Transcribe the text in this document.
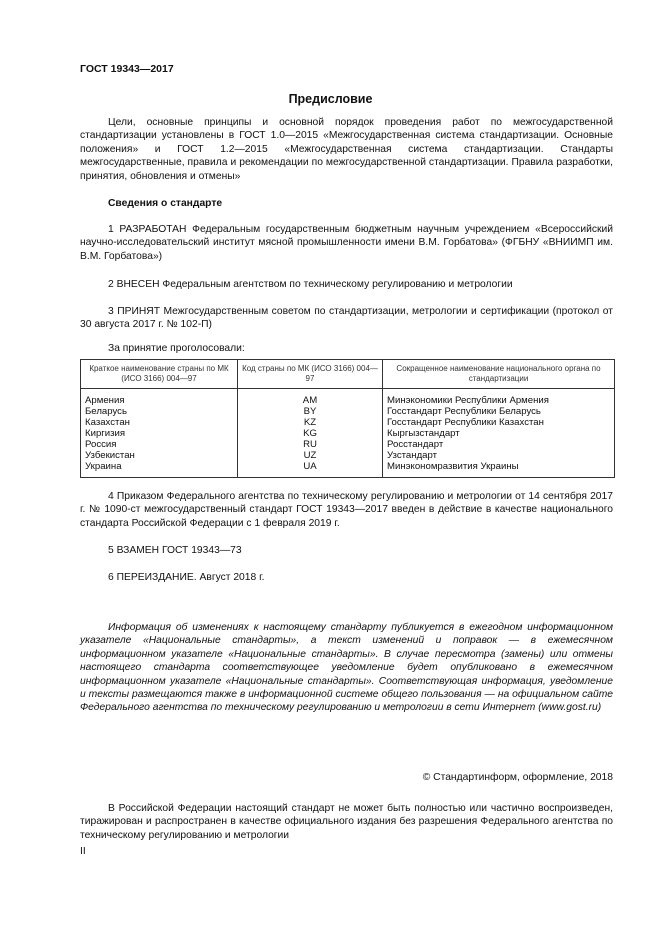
ГОСТ 19343—2017
Предисловие
Цели, основные принципы и основной порядок проведения работ по межгосударственной стандартизации установлены в ГОСТ 1.0—2015 «Межгосударственная система стандартизации. Основные положения» и ГОСТ 1.2—2015 «Межгосударственная система стандартизации. Стандарты межгосударственные, правила и рекомендации по межгосударственной стандартизации. Правила разработки, принятия, обновления и отмены»
Сведения о стандарте
1 РАЗРАБОТАН Федеральным государственным бюджетным научным учреждением «Всероссийский научно-исследовательский институт мясной промышленности имени В.М. Горбатова» (ФГБНУ «ВНИИМП им. В.М. Горбатова»)
2 ВНЕСЕН Федеральным агентством по техническому регулированию и метрологии
3 ПРИНЯТ Межгосударственным советом по стандартизации, метрологии и сертификации (протокол от 30 августа 2017 г. № 102-П)
За принятие проголосовали:
Краткое наименование страны по МК (ИСО 3166) 004—97	Код страны по МК (ИСО 3166) 004—97	Сокращенное наименование национального органа по стандартизации
Армения	AM	Минэкономики Республики Армения
Беларусь	BY	Госстандарт Республики Беларусь
Казахстан	KZ	Госстандарт Республики Казахстан
Киргизия	KG	Кыргызстандарт
Россия	RU	Росстандарт
Узбекистан	UZ	Узстандарт
Украина	UA	Минэкономразвития Украины
4 Приказом Федерального агентства по техническому регулированию и метрологии от 14 сентября 2017 г. № 1090-ст межгосударственный стандарт ГОСТ 19343—2017 введен в действие в качестве национального стандарта Российской Федерации с 1 февраля 2019 г.
5 ВЗАМЕН ГОСТ 19343—73
6 ПЕРЕИЗДАНИЕ. Август 2018 г.
Информация об изменениях к настоящему стандарту публикуется в ежегодном информационном указателе «Национальные стандарты», а текст изменений и поправок — в ежемесячном информационном указателе «Национальные стандарты». В случае пересмотра (замены) или отмены настоящего стандарта соответствующее уведомление будет опубликовано в ежемесячном информационном указателе «Национальные стандарты». Соответствующая информация, уведомление и тексты размещаются также в информационной системе общего пользования — на официальном сайте Федерального агентства по техническому регулированию и метрологии в сети Интернет (www.gost.ru)
© Стандартинформ, оформление, 2018
В Российской Федерации настоящий стандарт не может быть полностью или частично воспроизведен, тиражирован и распространен в качестве официального издания без разрешения Федерального агентства по техническому регулированию и метрологии
II
